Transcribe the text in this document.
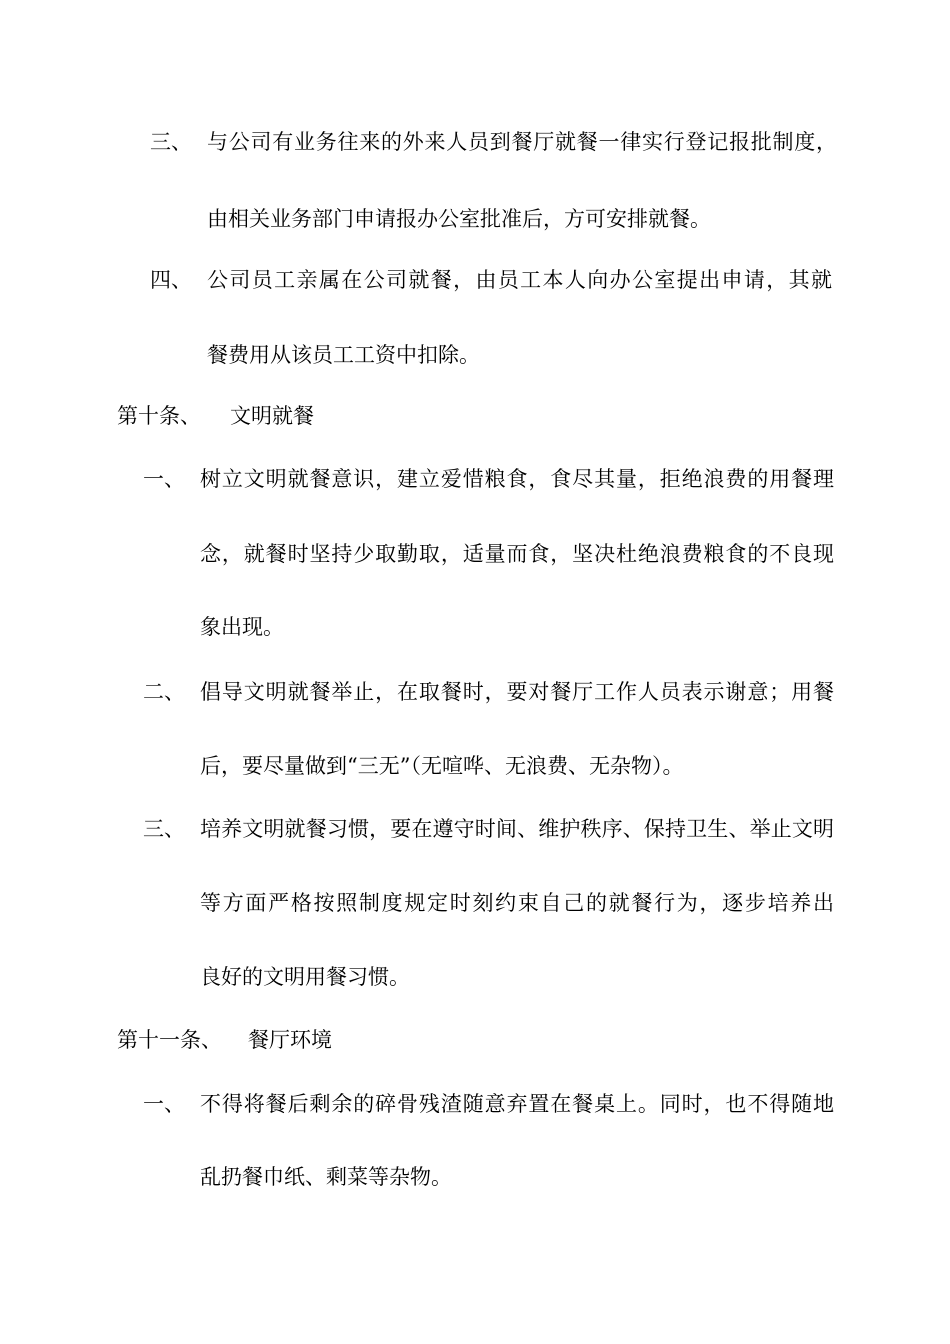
三、 与公司有业务往来的外来人员到餐厅就餐一律实行登记报批制度，
由相关业务部门申请报办公室批准后，方可安排就餐。
四、 公司员工亲属在公司就餐，由员工本人向办公室提出申请，其就
餐费用从该员工工资中扣除。
第十条、 文明就餐
一、 树立文明就餐意识，建立爱惜粮食，食尽其量，拒绝浪费的用餐理
念，就餐时坚持少取勤取，适量而食，坚决杜绝浪费粮食的不良现
象出现。
二、 倡导文明就餐举止，在取餐时，要对餐厅工作人员表示谢意；用餐
后，要尽量做到“三无”（无喧哗、无浪费、无杂物）。
三、 培养文明就餐习惯，要在遵守时间、维护秩序、保持卫生、举止文明
等方面严格按照制度规定时刻约束自己的就餐行为，逐步培养出
良好的文明用餐习惯。
第十一条、 餐厅环境
一、 不得将餐后剩余的碎骨残渣随意弃置在餐桌上。同时，也不得随地
乱扔餐巾纸、剩菜等杂物。
